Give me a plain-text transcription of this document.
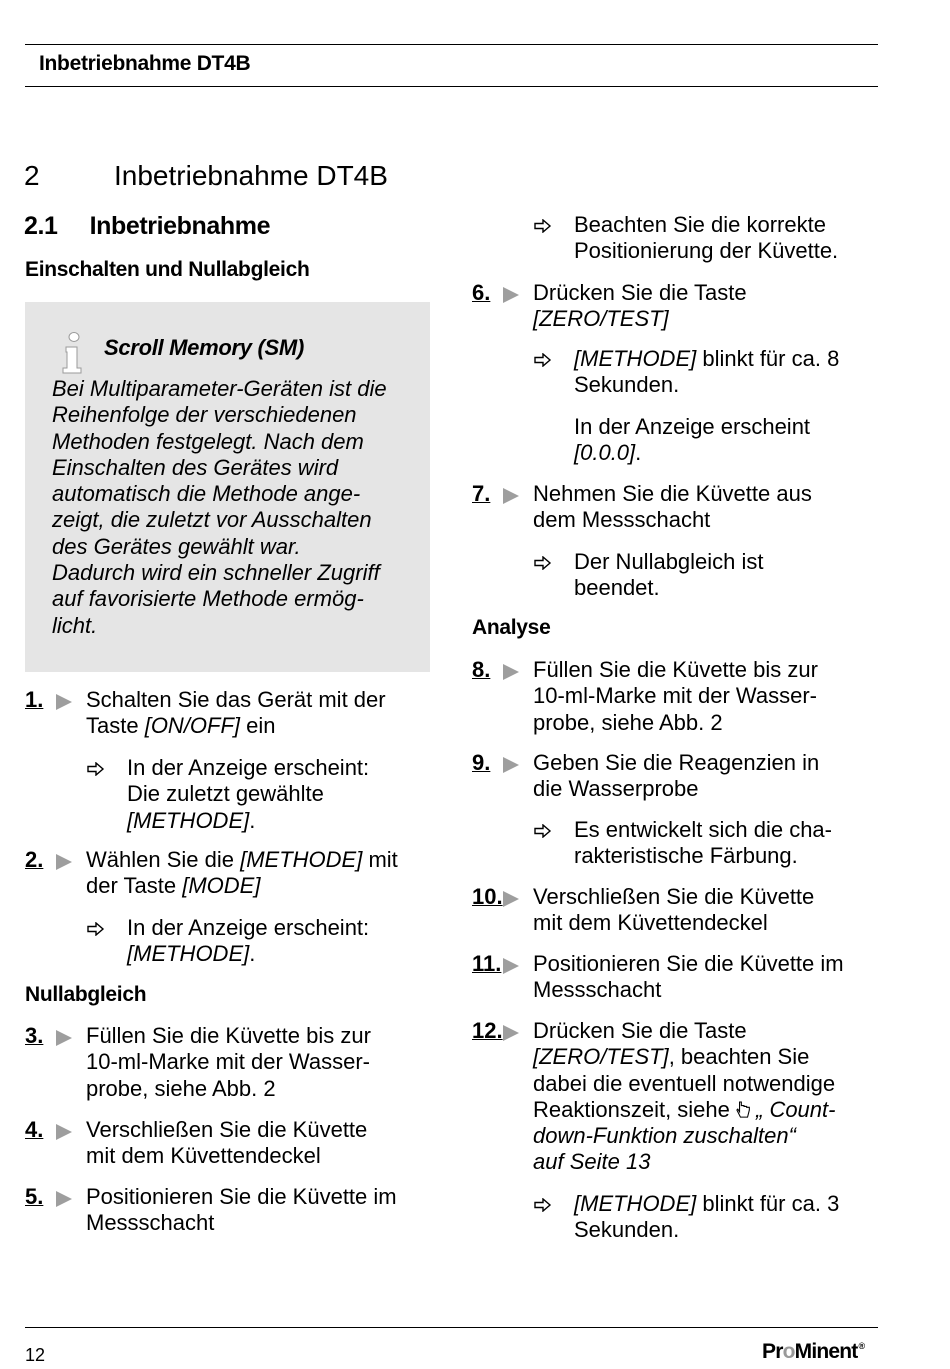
Inbetriebnahme DT4B
2	Inbetriebnahme DT4B
2.1 Inbetriebnahme
Einschalten und Nullabgleich
Scroll Memory (SM)
Bei Multiparameter-Geräten ist die
Reihenfolge der verschiedenen
Methoden festgelegt. Nach dem
Einschalten des Gerätes wird
automatisch die Methode ange-
zeigt, die zuletzt vor Ausschalten
des Gerätes gewählt war.
Dadurch wird ein schneller Zugriff
auf favorisierte Methode ermög-
licht.
1. Schalten Sie das Gerät mit der
Taste [ON/OFF] ein
In der Anzeige erscheint:
Die zuletzt gewählte
[METHODE].
2. Wählen Sie die [METHODE] mit
der Taste [MODE]
In der Anzeige erscheint:
[METHODE].
Nullabgleich
3. Füllen Sie die Küvette bis zur
10-ml-Marke mit der Wasser-
probe, siehe Abb. 2
4. Verschließen Sie die Küvette
mit dem Küvettendeckel
5. Positionieren Sie die Küvette im
Messschacht
Beachten Sie die korrekte
Positionierung der Küvette.
6. Drücken Sie die Taste
[ZERO/TEST]
[METHODE] blinkt für ca. 8
Sekunden.
In der Anzeige erscheint
[0.0.0].
7. Nehmen Sie die Küvette aus
dem Messschacht
Der Nullabgleich ist
beendet.
Analyse
8. Füllen Sie die Küvette bis zur
10-ml-Marke mit der Wasser-
probe, siehe Abb. 2
9. Geben Sie die Reagenzien in
die Wasserprobe
Es entwickelt sich die cha-
rakteristische Färbung.
10. Verschließen Sie die Küvette
mit dem Küvettendeckel
11. Positionieren Sie die Küvette im
Messschacht
12. Drücken Sie die Taste
[ZERO/TEST], beachten Sie
dabei die eventuell notwendige
Reaktionszeit, siehe „ Count-
down-Funktion zuschalten“
auf Seite 13
[METHODE] blinkt für ca. 3
Sekunden.
12	ProMinent®
